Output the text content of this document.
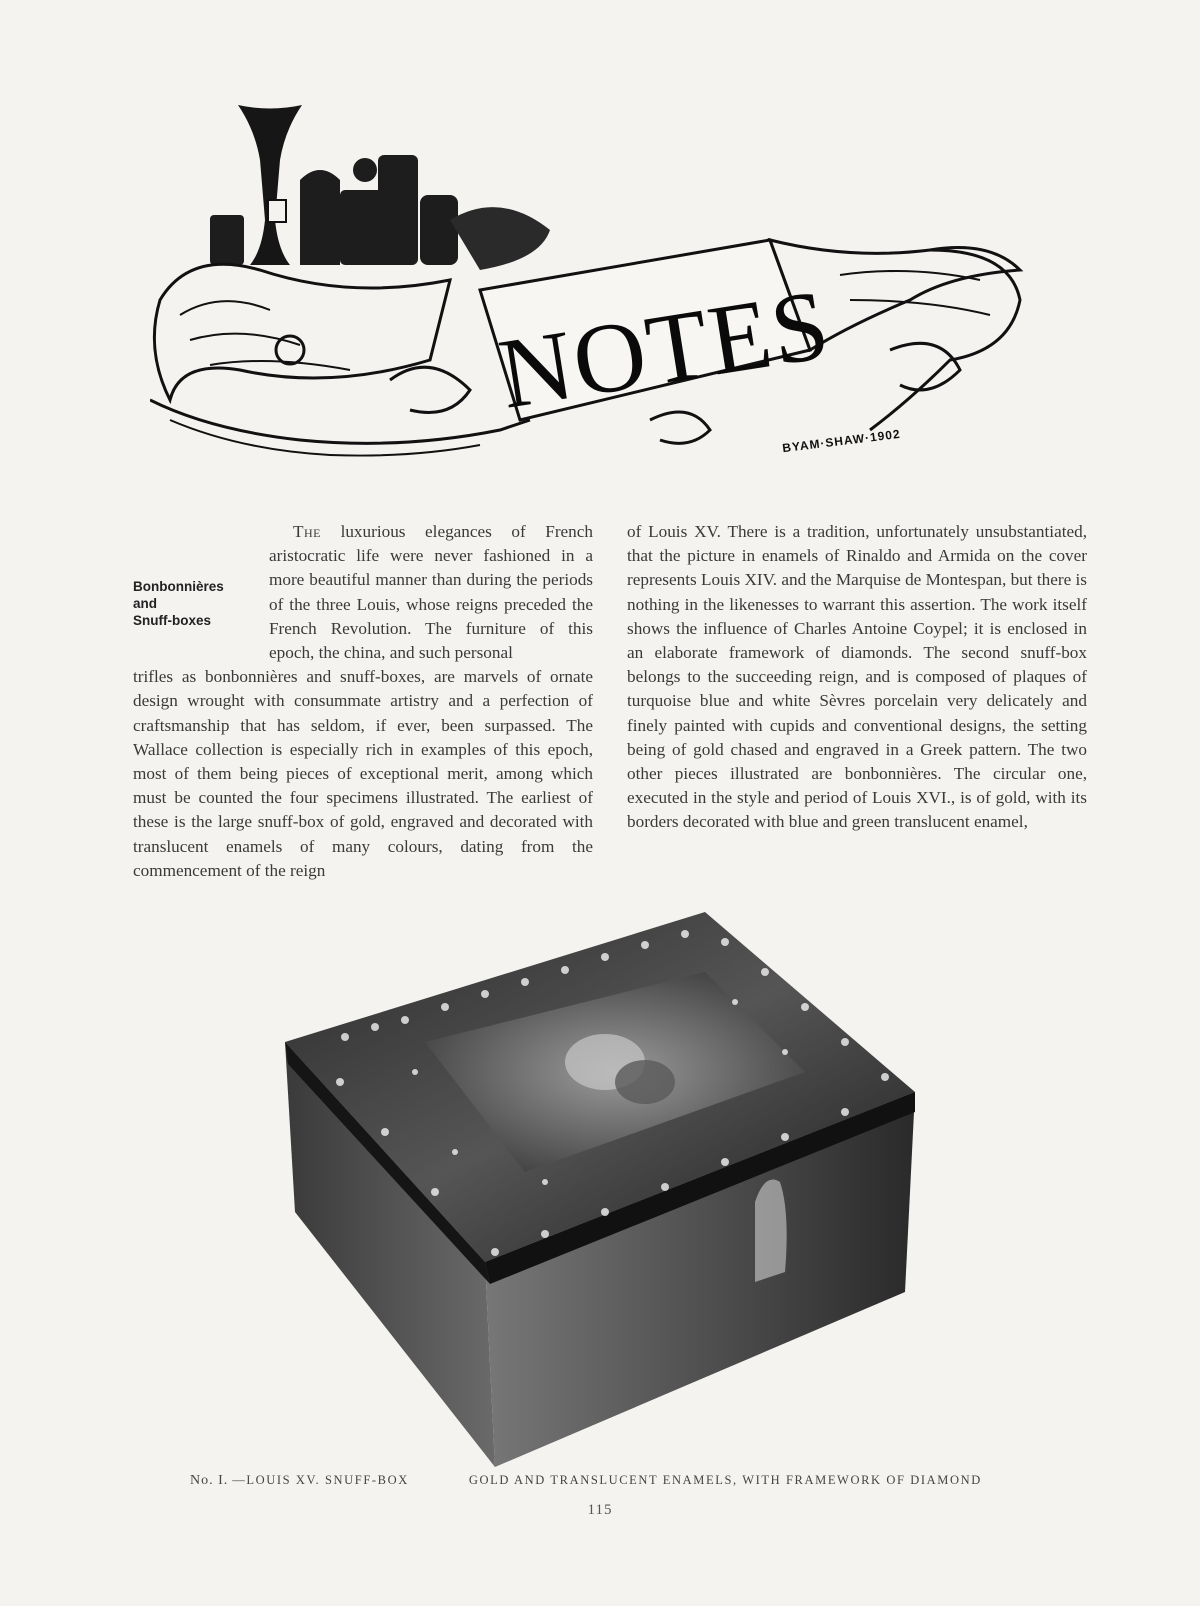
NOTES
BYAM·SHAW·1902

The luxurious elegances of French aristocratic life were never fashioned in a more beautiful manner than during the periods of the three Louis, whose reigns preceded the French Revolution. The furniture of this epoch, the china, and such personal

trifles as bonbonnières and snuff-boxes, are marvels of ornate design wrought with consummate artistry and a perfection of craftsmanship that has seldom, if ever, been surpassed. The Wallace collection is especially rich in examples of this epoch, most of them being pieces of exceptional merit, among which must be counted the four specimens illustrated. The earliest of these is the large snuff-box of gold, engraved and decorated with translucent enamels of many colours, dating from the commencement of the reign

Bonbonnières
and
Snuff-boxes

of Louis XV. There is a tradition, unfortunately unsubstantiated, that the picture in enamels of Rinaldo and Armida on the cover represents Louis XIV. and the Marquise de Montespan, but there is nothing in the likenesses to warrant this assertion. The work itself shows the influence of Charles Antoine Coypel; it is enclosed in an elaborate framework of diamonds. The second snuff-box belongs to the succeeding reign, and is composed of plaques of turquoise blue and white Sèvres porcelain very delicately and finely painted with cupids and conventional designs, the setting being of gold chased and engraved in a Greek pattern. The two other pieces illustrated are bonbonnières. The circular one, executed in the style and period of Louis XVI., is of gold, with its borders decorated with blue and green translucent enamel,

No. I. —LOUIS XV. SNUFF-BOX	GOLD AND TRANSLUCENT ENAMELS, WITH FRAMEWORK OF DIAMOND
115
